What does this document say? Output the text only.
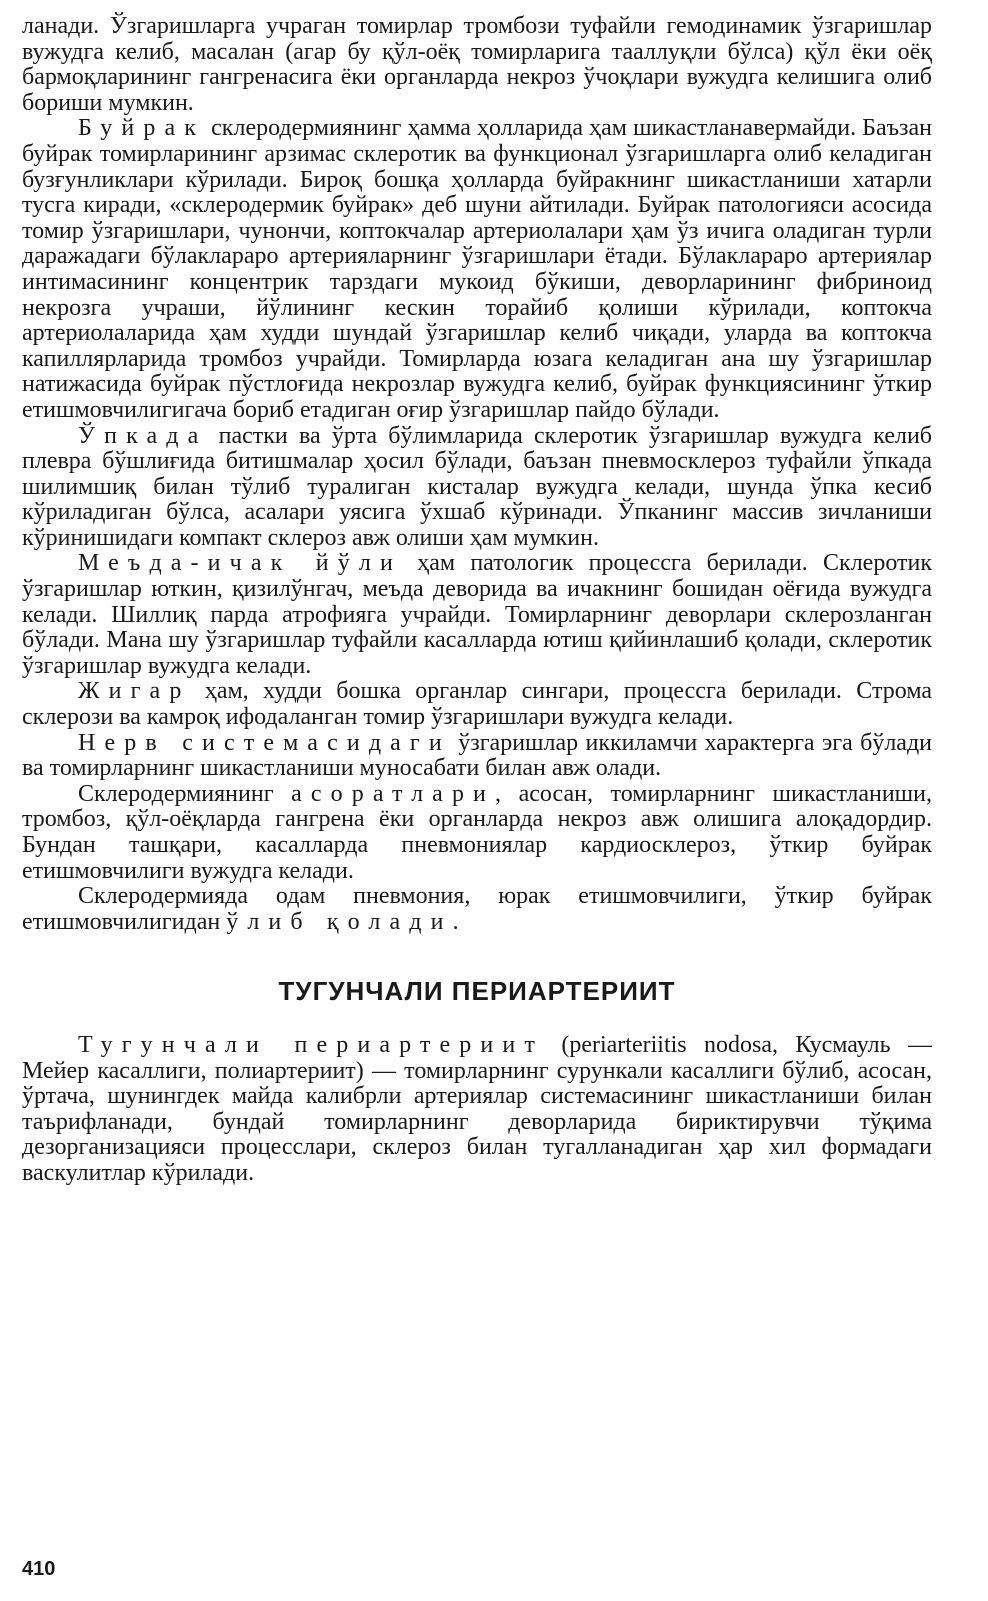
ланади. Ўзгаришларга учраган томирлар тромбози туфайли гемодинамик ўзгаришлар вужудга келиб, масалан (агар бу қўл-оёқ томирларига тааллуқли бўлса) қўл ёки оёқ бармоқларининг гангренасига ёки органларда некроз ўчоқлари вужудга келишига олиб бориши мумкин.

Буйрак склеродермиянинг ҳамма ҳолларида ҳам шикастланавермайди. Баъзан буйрак томирларининг арзимас склеротик ва функционал ўзгаришларга олиб келадиган бузғунликлари кўрилади. Бироқ бошқа ҳолларда буйракнинг шикастланиши хатарли тусга киради, «склеродермик буйрак» деб шуни айтилади. Буйрак патологияси асосида томир ўзгаришлари, чунончи, коптокчалар артериолалари ҳам ўз ичига оладиган турли даражадаги бўлакларaро артериялaрнинг ўзгаришлари ётади. Бўлакларaро артериялар интимасининг концентрик тарздаги мукоид бўкиши, деворларининг фибриноид некрозга учраши, йўлининг кескин торайиб қолиши кўрилади, коптокча артериолаларида ҳам худди шундай ўзгаришлар келиб чиқади, уларда ва коптокча капиллярларида тромбоз учрайди. Томирларда юзага келадиган ана шу ўзгаришлар натижасида буйрак пўстлоғида некрозлар вужудга келиб, буйрак функциясининг ўткир етишмовчилигигача бориб етадиган оғир ўзгаришлар пайдо бўлади.

Ўпкада пастки ва ўрта бўлимларида склеротик ўзгаришлар вужудга келиб плевра бўшлиғида битишмалар ҳосил бўлади, баъзан пневмосклероз туфайли ўпкада шилимшиқ билан тўлиб туралиган кисталар вужудга келади, шунда ўпка кесиб кўриладиган бўлса, асалари уясига ўхшаб кўринади. Ўпканинг массив зичланиши кўринишидаги компакт склероз авж олиши ҳам мумкин.

Меъда-ичак йўли ҳам патологик процессга берилади. Склеротик ўзгаришлар юткин, қизилўнгач, меъда деворида ва ичакнинг бошидан оёғида вужудга келади. Шиллиқ парда атрофияга учрайди. Томирларнинг деворлари склерозланган бўлади. Мана шу ўзгаришлар туфайли касалларда ютиш қийинлашиб қолади, склеротик ўзгаришлар вужудга келади.

Жигар ҳам, худди бошка органлар сингари, процессга берилади. Строма склерози ва камроқ ифодаланган томир ўзгаришлари вужудга келади.

Нерв системасидаги ўзгаришлар иккиламчи характерга эга бўлади ва томирларнинг шикастланиши муносабати билан авж олади.

Склеродермиянинг асоратлари, асосан, томирларнинг шикастланиши, тромбоз, қўл-оёқларда гангрена ёки органларда некроз авж олишига алоқадордир. Бундан ташқари, касалларда пневмониялар кардиосклероз, ўткир буйрак етишмовчилиги вужудга келади.

Склеродермияда одам пневмония, юрак етишмовчилиги, ўткир буйрак етишмовчилигидан ўлиб қолади.

ТУГУНЧАЛИ ПЕРИАРТЕРИИТ

Тугунчали периартериит (periarteriitis nodosa, Кусмауль — Мейер касаллиги, полиартериит) — томирларнинг сурункали касаллиги бўлиб, асосан, ўртача, шунингдек майда калибрли артериялар системасининг шикастланиши билан таърифланади, бундай томирларнинг деворларида бириктирувчи тўқима дезорганизацияси процесслари, склероз билан тугалланадиган ҳар хил формадаги васкулитлар кўрилади.

410
